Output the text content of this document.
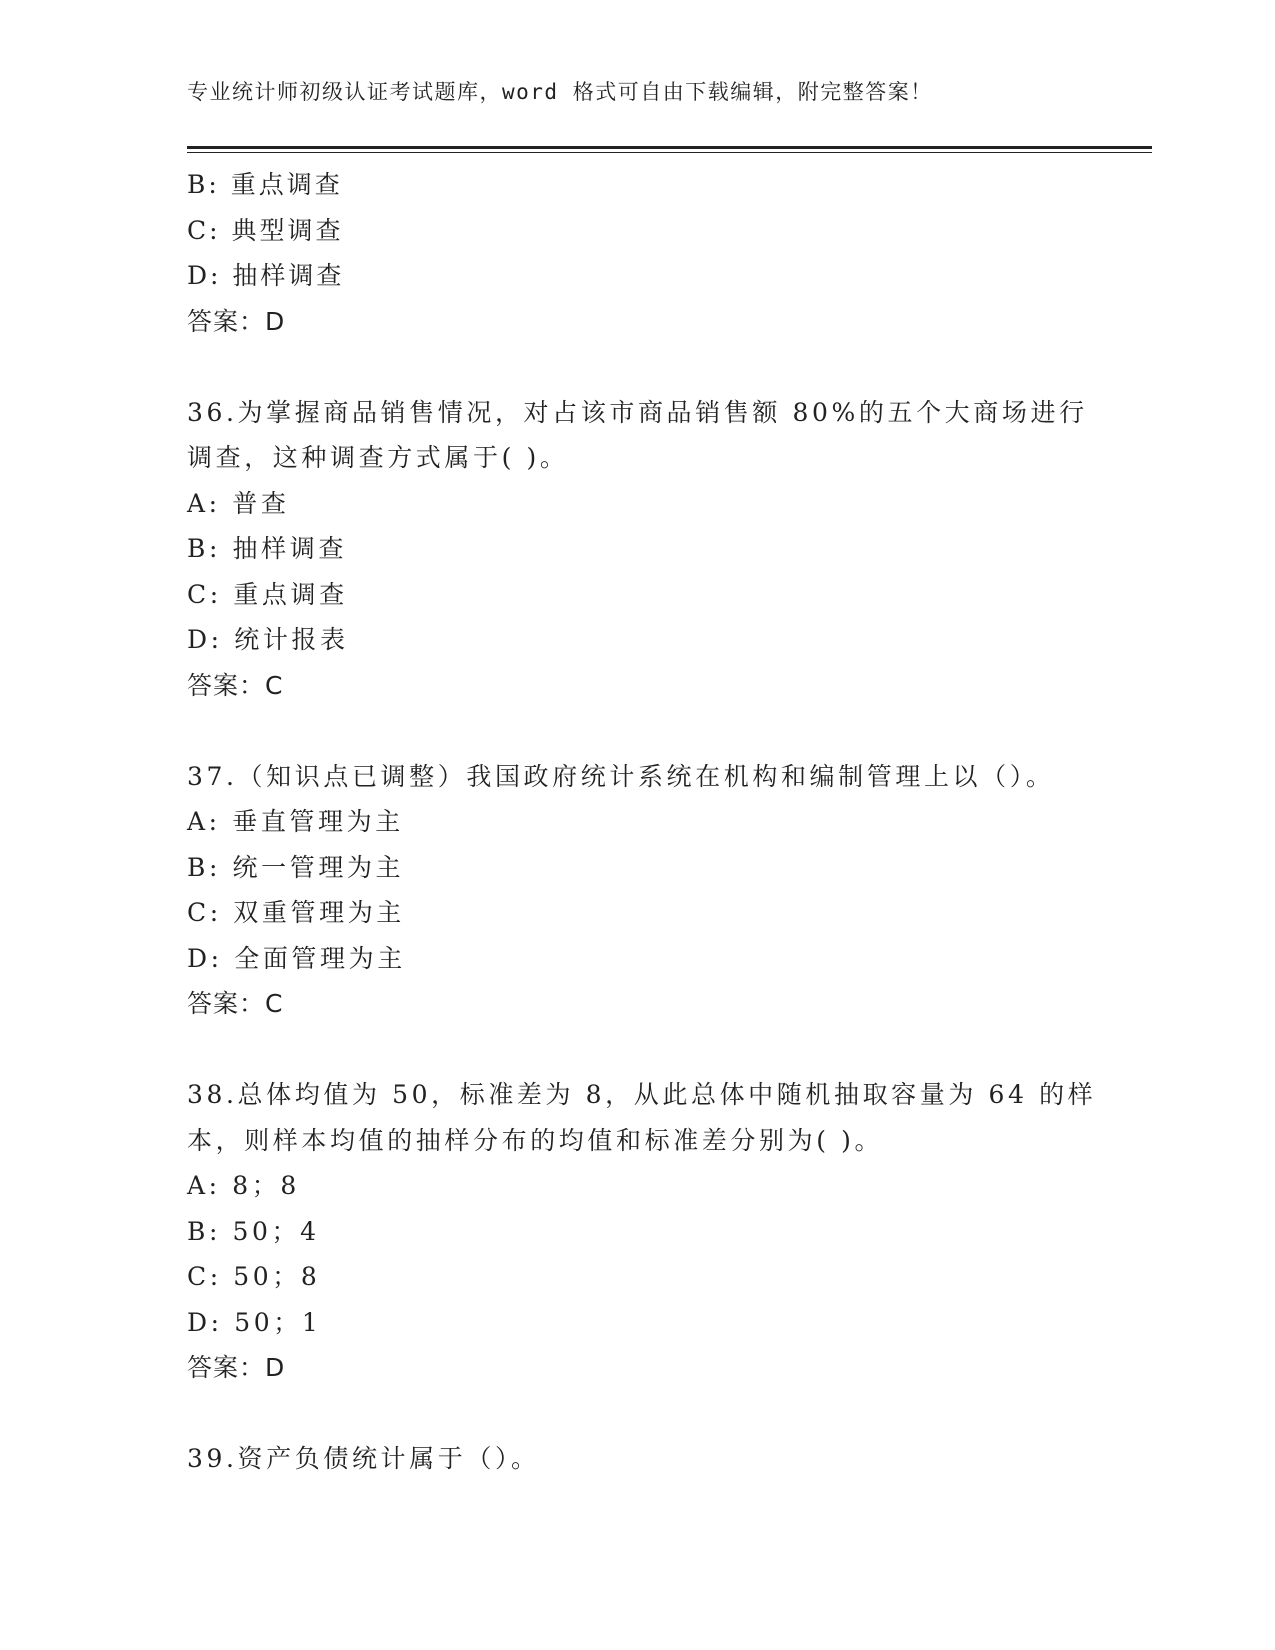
专业统计师初级认证考试题库，word 格式可自由下载编辑，附完整答案！
B: 重点调查
C: 典型调查
D: 抽样调查
答案：D
36.为掌握商品销售情况，对占该市商品销售额 80%的五个大商场进行
调查，这种调查方式属于( )。
A: 普查
B: 抽样调查
C: 重点调查
D: 统计报表
答案：C
37.（知识点已调整）我国政府统计系统在机构和编制管理上以（）。
A: 垂直管理为主
B: 统一管理为主
C: 双重管理为主
D: 全面管理为主
答案：C
38.总体均值为 50，标准差为 8，从此总体中随机抽取容量为 64 的样
本，则样本均值的抽样分布的均值和标准差分别为( )。
A: 8；8
B: 50；4
C: 50；8
D: 50；1
答案：D
39.资产负债统计属于（）。
